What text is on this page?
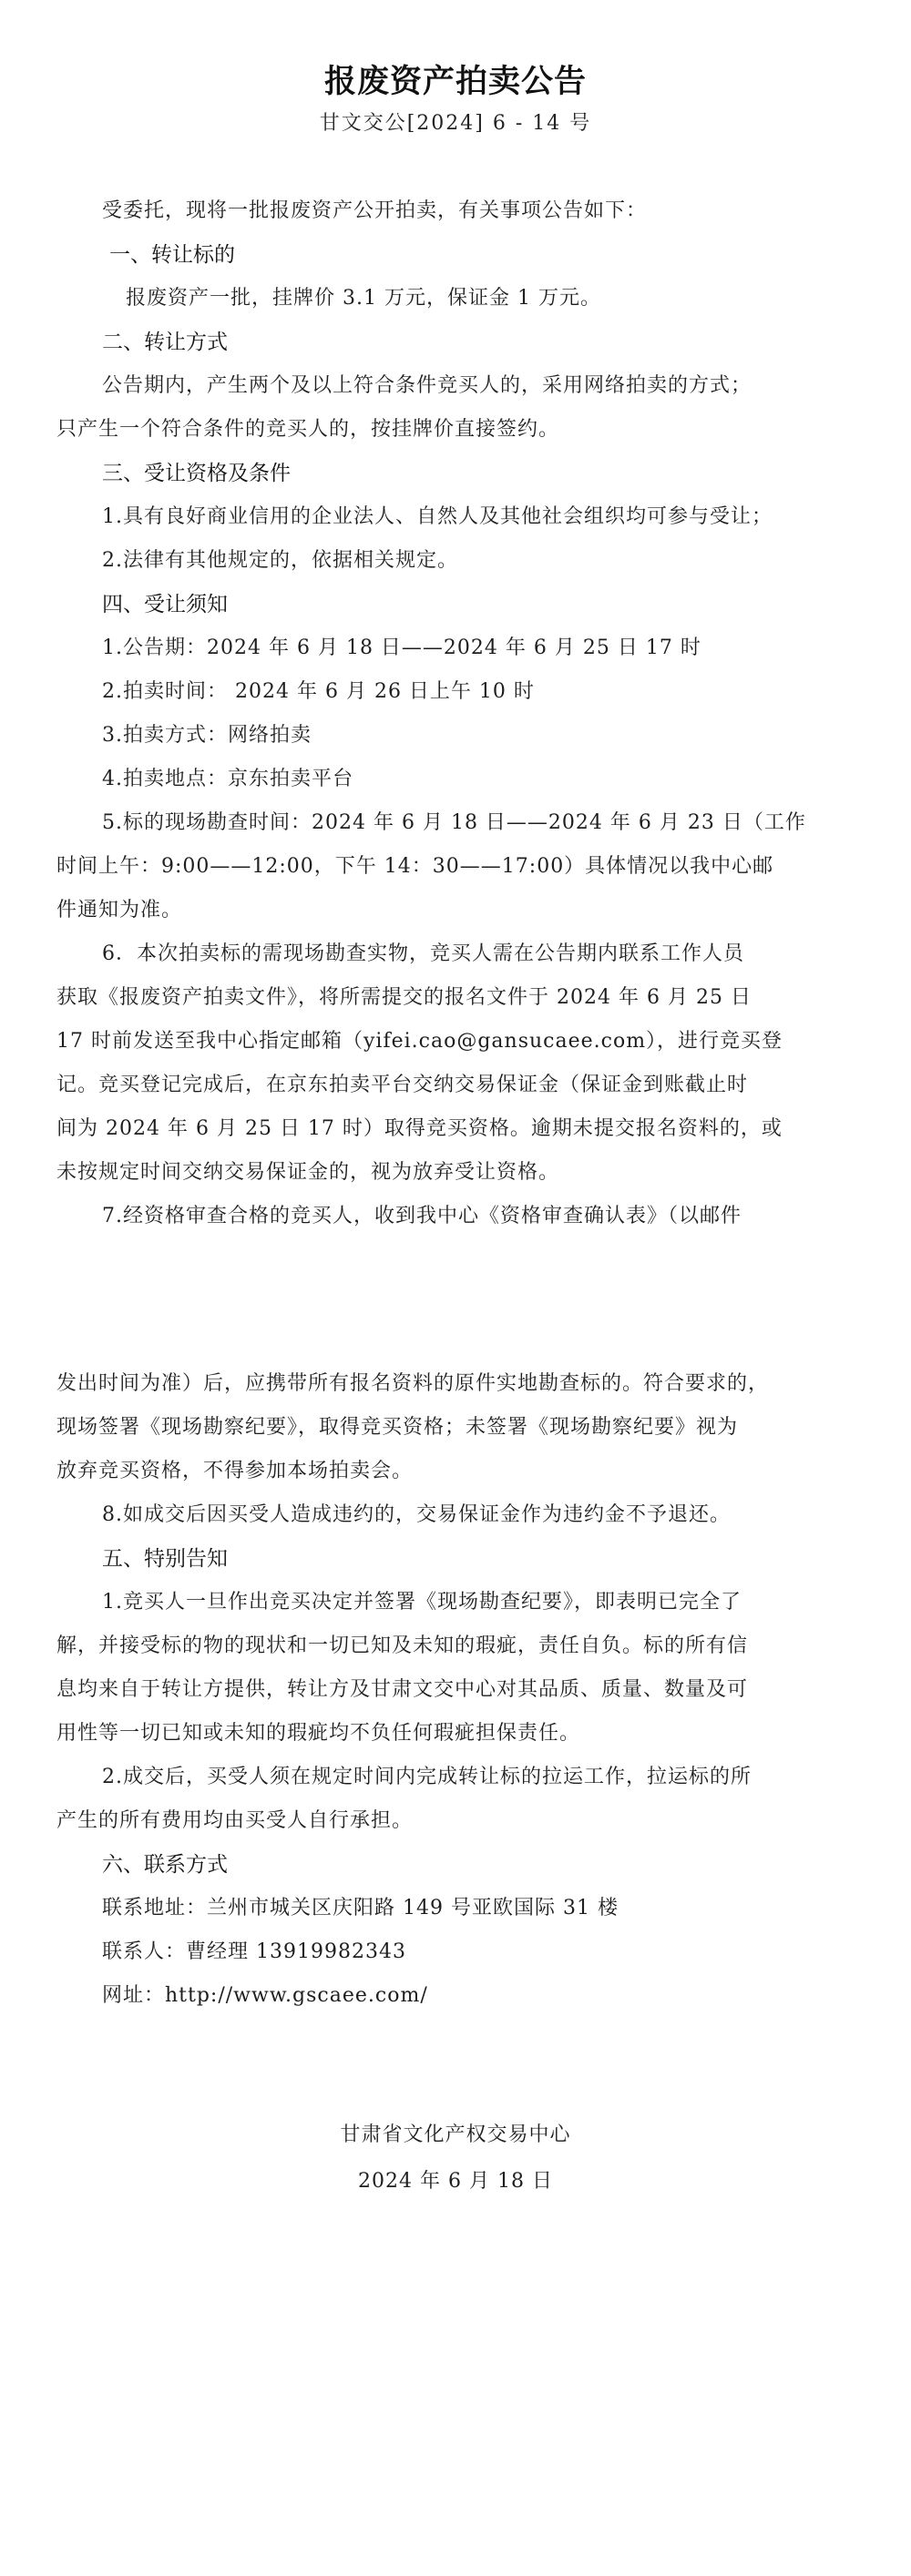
报废资产拍卖公告
甘文交公[2024] 6 - 14 号
受委托，现将一批报废资产公开拍卖，有关事项公告如下：
一、转让标的
报废资产一批，挂牌价 3.1 万元，保证金 1 万元。
二、转让方式
公告期内，产生两个及以上符合条件竞买人的，采用网络拍卖的方式；
只产生一个符合条件的竞买人的，按挂牌价直接签约。
三、受让资格及条件
1.具有良好商业信用的企业法人、自然人及其他社会组织均可参与受让；
2.法律有其他规定的，依据相关规定。
四、受让须知
1.公告期：2024 年 6 月 18 日——2024 年 6 月 25 日 17 时
2.拍卖时间： 2024 年 6 月 26 日上午 10 时
3.拍卖方式：网络拍卖
4.拍卖地点：京东拍卖平台
5.标的现场勘查时间：2024 年 6 月 18 日——2024 年 6 月 23 日（工作
时间上午：9:00——12:00，下午 14：30——17:00）具体情况以我中心邮
件通知为准。
6．本次拍卖标的需现场勘查实物，竞买人需在公告期内联系工作人员
获取《报废资产拍卖文件》，将所需提交的报名文件于 2024 年 6 月 25 日
17 时前发送至我中心指定邮箱（yifei.cao@gansucaee.com），进行竞买登
记。竞买登记完成后，在京东拍卖平台交纳交易保证金（保证金到账截止时
间为 2024 年 6 月 25 日 17 时）取得竞买资格。逾期未提交报名资料的，或
未按规定时间交纳交易保证金的，视为放弃受让资格。
7.经资格审查合格的竞买人，收到我中心《资格审查确认表》（以邮件
发出时间为准）后，应携带所有报名资料的原件实地勘查标的。符合要求的，
现场签署《现场勘察纪要》，取得竞买资格；未签署《现场勘察纪要》视为
放弃竞买资格，不得参加本场拍卖会。
8.如成交后因买受人造成违约的，交易保证金作为违约金不予退还。
五、特别告知
1.竞买人一旦作出竞买决定并签署《现场勘查纪要》，即表明已完全了
解，并接受标的物的现状和一切已知及未知的瑕疵，责任自负。标的所有信
息均来自于转让方提供，转让方及甘肃文交中心对其品质、质量、数量及可
用性等一切已知或未知的瑕疵均不负任何瑕疵担保责任。
2.成交后，买受人须在规定时间内完成转让标的拉运工作，拉运标的所
产生的所有费用均由买受人自行承担。
六、联系方式
联系地址：兰州市城关区庆阳路 149 号亚欧国际 31 楼
联系人：曹经理 13919982343
网址：http://www.gscaee.com/
甘肃省文化产权交易中心
2024 年 6 月 18 日
